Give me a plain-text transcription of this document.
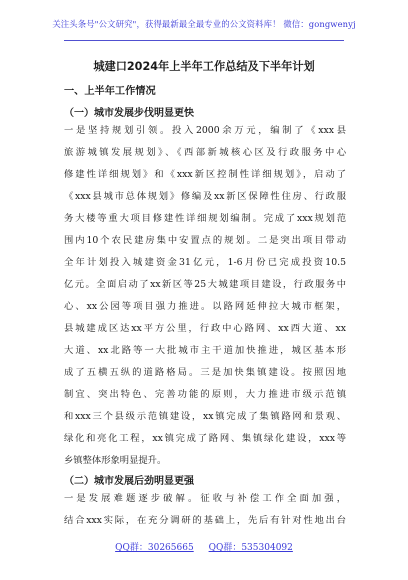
关注头条号"公文研究"，获得最新最全最专业的公文资料库！ 微信：gongwenyj
城建口2024年上半年工作总结及下半年计划
一、上半年工作情况
（一）城市发展步伐明显更快
一是坚持规划引领。投入2000余万元，编制了《xxx县
旅游城镇发展规划》、《西部新城核心区及行政服务中心
修建性详细规划》和《xxx新区控制性详细规划》，启动了
《xxx县城市总体规划》修编及xx新区保障性住房、行政服
务大楼等重大项目修建性详细规划编制。完成了xxx规划范
围内10个农民建房集中安置点的规划。二是突出项目带动
全年计划投入城建资金31亿元，1-6月份已完成投资10.5
亿元。全面启动了xx新区等25大城建项目建设，行政服务中
心、xx公园等项目强力推进。以路网延伸拉大城市框架，
县城建成区达xx平方公里，行政中心路网、xx西大道、xx
大道、xx北路等一大批城市主干道加快推进，城区基本形
成了五横五纵的道路格局。三是加快集镇建设。按照因地
制宜、突出特色、完善功能的原则，大力推进市级示范镇
和xxx三个县级示范镇建设，xx镇完成了集镇路网和景观、
绿化和亮化工程，xx镇完成了路网、集镇绿化建设，xxx等
乡镇整体形象明显提升。
（二）城市发展后劲明显更强
一是发展难题逐步破解。征收与补偿工作全面加强，
结合xxx实际，在充分调研的基础上，先后有针对性地出台
QQ群：30265665 QQ群：535304092
